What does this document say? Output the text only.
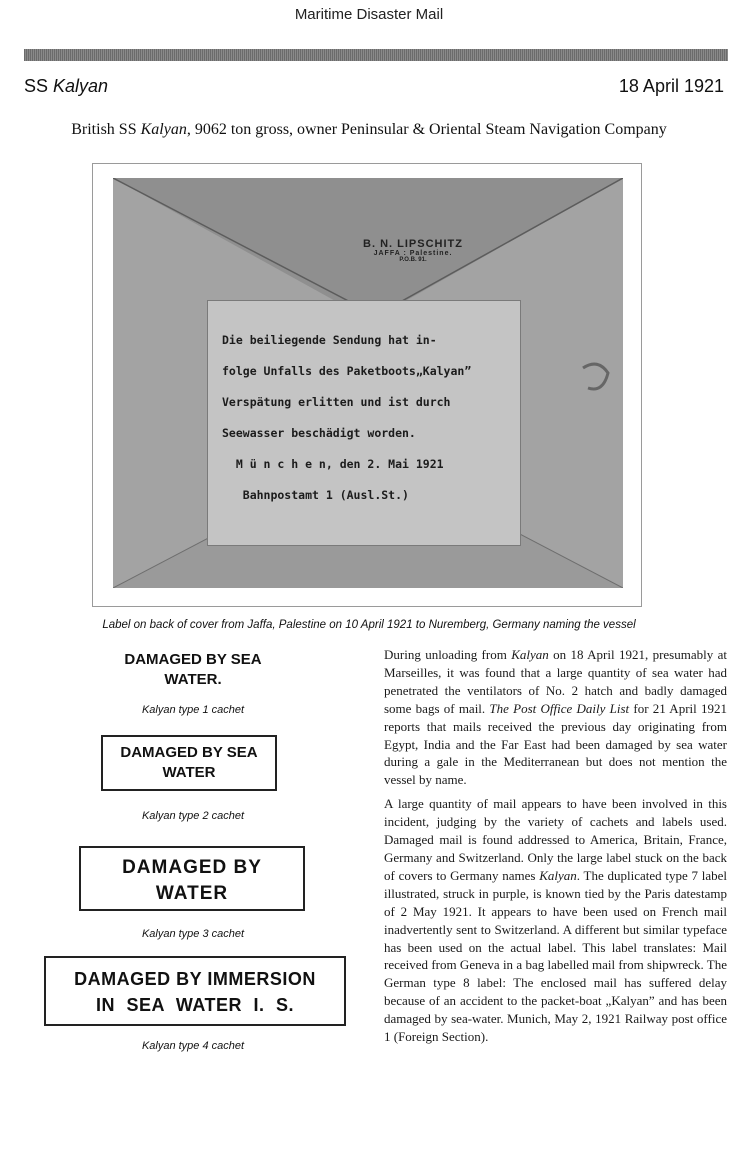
Maritime Disaster Mail
SS Kalyan	18 April 1921
British SS Kalyan, 9062 ton gross, owner Peninsular & Oriental Steam Navigation Company
B. N. LIPSCHITZ
JAFFA : Palestine.
P.O.B. 91.
Die beiliegende Sendung hat in-
folge Unfalls des Paketboots„Kalyan”
Verspätung erlitten und ist durch
Seewasser beschädigt worden.
M ü n c h e n, den 2. Mai 1921
Bahnpostamt 1 (Ausl.St.)
Label on back of cover from Jaffa, Palestine on 10 April 1921 to Nuremberg, Germany naming the vessel
DAMAGED BY SEA
WATER.
Kalyan type 1 cachet
DAMAGED BY SEA
WATER
Kalyan type 2 cachet
DAMAGED BY
WATER
Kalyan type 3 cachet
DAMAGED BY IMMERSION
IN SEA WATER I. S.
Kalyan type 4 cachet

During unloading from Kalyan on 18 April 1921, presumably at Marseilles, it was found that a large quantity of sea water had penetrated the ventilators of No. 2 hatch and badly damaged some bags of mail. The Post Office Daily List for 21 April 1921 reports that mails received the previous day originating from Egypt, India and the Far East had been damaged by sea water during a gale in the Mediterranean but does not mention the vessel by name.

A large quantity of mail appears to have been involved in this incident, judging by the variety of cachets and labels used. Damaged mail is found addressed to America, Britain, France, Germany and Switzerland. Only the large label stuck on the back of covers to Germany names Kalyan. The duplicated type 7 label illustrated, struck in purple, is known tied by the Paris datestamp of 2 May 1921. It appears to have been used on French mail inadvertently sent to Switzerland. A different but similar typeface has been used on the actual label. This label translates: Mail received from Geneva in a bag labelled mail from shipwreck. The German type 8 label: The enclosed mail has suffered delay because of an accident to the packet-boat „Kalyan” and has been damaged by sea-water. Munich, May 2, 1921 Railway post office 1 (Foreign Section).
